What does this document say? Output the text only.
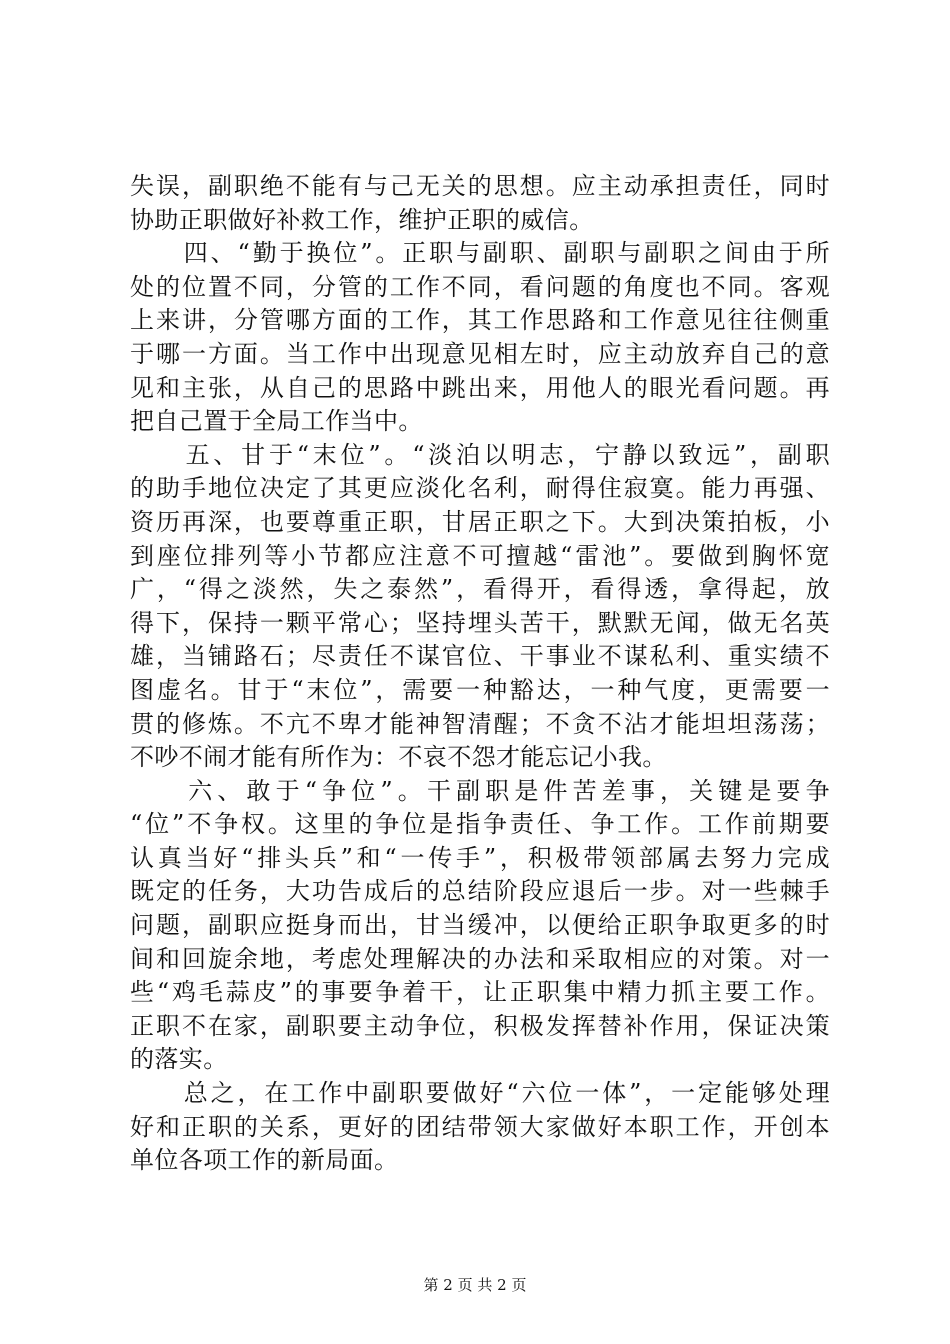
失误，副职绝不能有与己无关的思想。应主动承担责任，同时
协助正职做好补救工作，维护正职的威信。
　　四、“勤于换位”。正职与副职、副职与副职之间由于所
处的位置不同，分管的工作不同，看问题的角度也不同。客观
上来讲，分管哪方面的工作，其工作思路和工作意见往往侧重
于哪一方面。当工作中出现意见相左时，应主动放弃自己的意
见和主张，从自己的思路中跳出来，用他人的眼光看问题。再
把自己置于全局工作当中。
　　五、甘于“末位”。“淡泊以明志，宁静以致远”，副职
的助手地位决定了其更应淡化名利，耐得住寂寞。能力再强、
资历再深，也要尊重正职，甘居正职之下。大到决策拍板，小
到座位排列等小节都应注意不可擅越“雷池”。要做到胸怀宽
广，“得之淡然，失之泰然”，看得开，看得透，拿得起，放
得下，保持一颗平常心；坚持埋头苦干，默默无闻，做无名英
雄，当铺路石；尽责任不谋官位、干事业不谋私利、重实绩不
图虚名。甘于“末位”，需要一种豁达，一种气度，更需要一
贯的修炼。不亢不卑才能神智清醒；不贪不沾才能坦坦荡荡；
不吵不闹才能有所作为：不哀不怨才能忘记小我。
　　六、敢于“争位”。干副职是件苦差事，关键是要争
“位”不争权。这里的争位是指争责任、争工作。工作前期要
认真当好“排头兵”和“一传手”，积极带领部属去努力完成
既定的任务，大功告成后的总结阶段应退后一步。对一些棘手
问题，副职应挺身而出，甘当缓冲，以便给正职争取更多的时
间和回旋余地，考虑处理解决的办法和采取相应的对策。对一
些“鸡毛蒜皮”的事要争着干，让正职集中精力抓主要工作。
正职不在家，副职要主动争位，积极发挥替补作用，保证决策
的落实。
　　总之，在工作中副职要做好“六位一体”，一定能够处理
好和正职的关系，更好的团结带领大家做好本职工作，开创本
单位各项工作的新局面。
第 2 页 共 2 页
